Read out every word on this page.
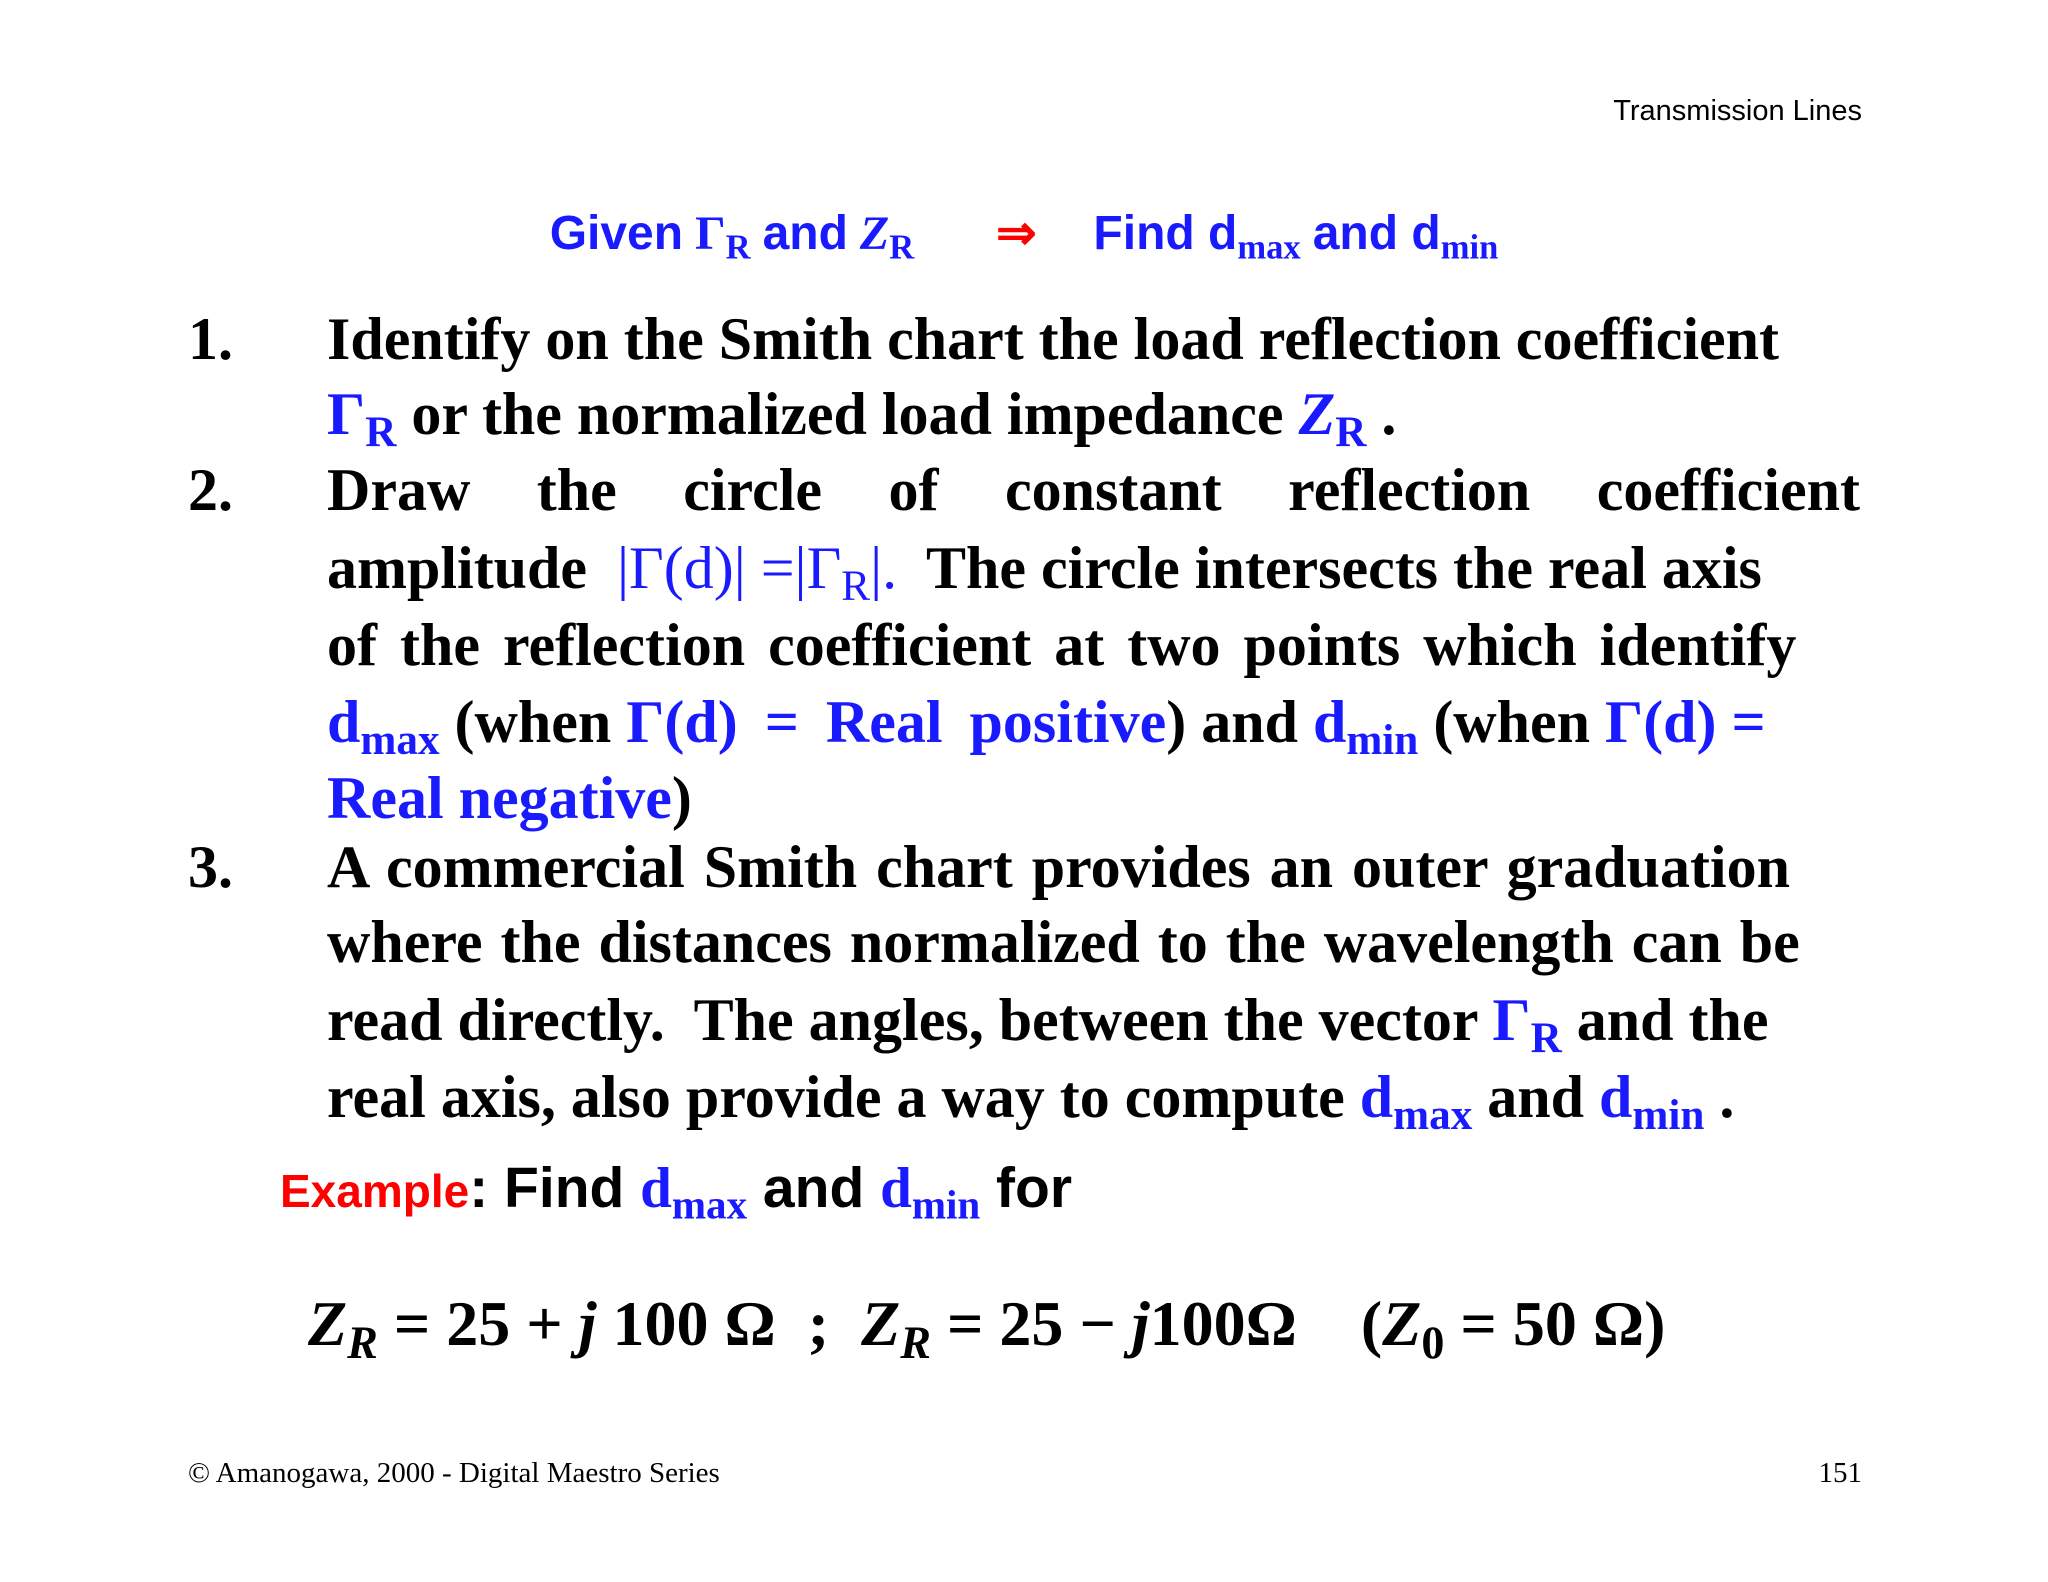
Transmission Lines
Given $\Gamma_R$ and $Z_R$ ⇒ Find $d_{max}$ and $d_{min}$
1. Identify on the Smith chart the load reflection coefficient
$\Gamma_R$ or the normalized load impedance $Z_R$ .
2. Draw the circle of constant reflection coefficient
amplitude  $|\Gamma(d)| =|\Gamma_R|$.  The circle intersects the real axis
of the reflection coefficient at two points which identify
$d_{max}$ (when Γ(d) = Real positive) and $d_{min}$ (when Γ(d) =
Real negative)
3. A commercial Smith chart provides an outer graduation
where the distances normalized to the wavelength can be
read directly.  The angles, between the vector $\Gamma_R$ and the
real axis, also provide a way to compute $d_{max}$ and $d_{min}$ .
Example: Find $d_{max}$ and $d_{min}$ for
$Z_R = 25 + j$ 100 Ω  ;  $Z_R = 25 - j100\Omega$    ($Z_0 = 50$ Ω)
© Amanogawa, 2000 - Digital Maestro Series	151
